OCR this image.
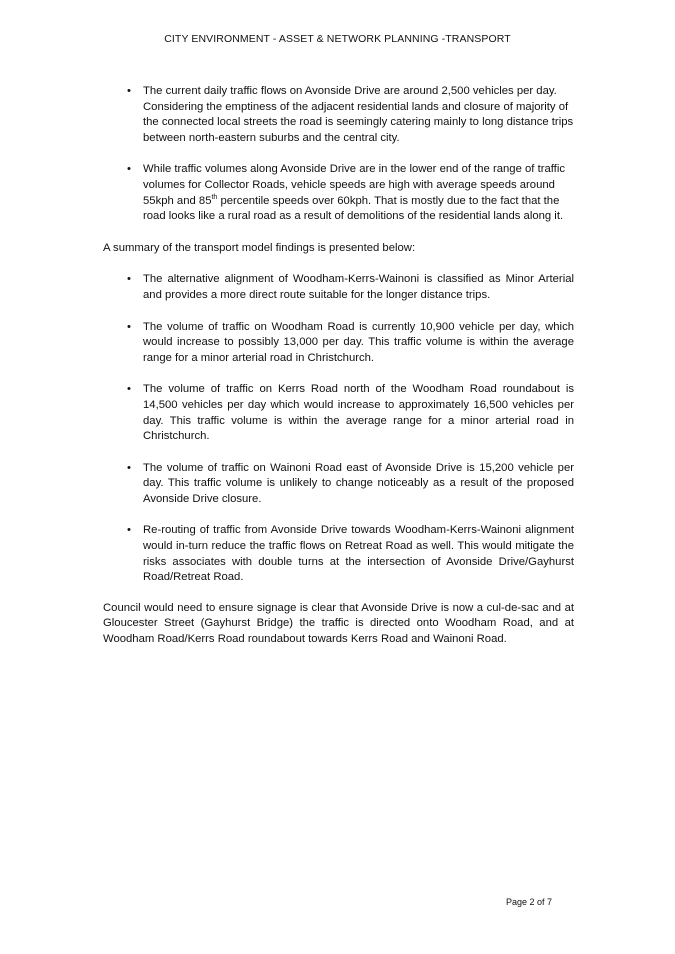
CITY ENVIRONMENT - ASSET & NETWORK PLANNING -TRANSPORT
• The current daily traffic flows on Avonside Drive are around 2,500 vehicles per day. Considering the emptiness of the adjacent residential lands and closure of majority of the connected local streets the road is seemingly catering mainly to long distance trips between north-eastern suburbs and the central city.
• While traffic volumes along Avonside Drive are in the lower end of the range of traffic volumes for Collector Roads, vehicle speeds are high with average speeds around 55kph and 85th percentile speeds over 60kph. That is mostly due to the fact that the road looks like a rural road as a result of demolitions of the residential lands along it.

A summary of the transport model findings is presented below:

• The alternative alignment of Woodham-Kerrs-Wainoni is classified as Minor Arterial and provides a more direct route suitable for the longer distance trips.
• The volume of traffic on Woodham Road is currently 10,900 vehicle per day, which would increase to possibly 13,000 per day. This traffic volume is within the average range for a minor arterial road in Christchurch.
• The volume of traffic on Kerrs Road north of the Woodham Road roundabout is 14,500 vehicles per day which would increase to approximately 16,500 vehicles per day. This traffic volume is within the average range for a minor arterial road in Christchurch.
• The volume of traffic on Wainoni Road east of Avonside Drive is 15,200 vehicle per day. This traffic volume is unlikely to change noticeably as a result of the proposed Avonside Drive closure.
• Re-routing of traffic from Avonside Drive towards Woodham-Kerrs-Wainoni alignment would in-turn reduce the traffic flows on Retreat Road as well. This would mitigate the risks associates with double turns at the intersection of Avonside Drive/Gayhurst Road/Retreat Road.

Council would need to ensure signage is clear that Avonside Drive is now a cul-de-sac and at Gloucester Street (Gayhurst Bridge) the traffic is directed onto Woodham Road, and at Woodham Road/Kerrs Road roundabout towards Kerrs Road and Wainoni Road.

Page 2 of 7
